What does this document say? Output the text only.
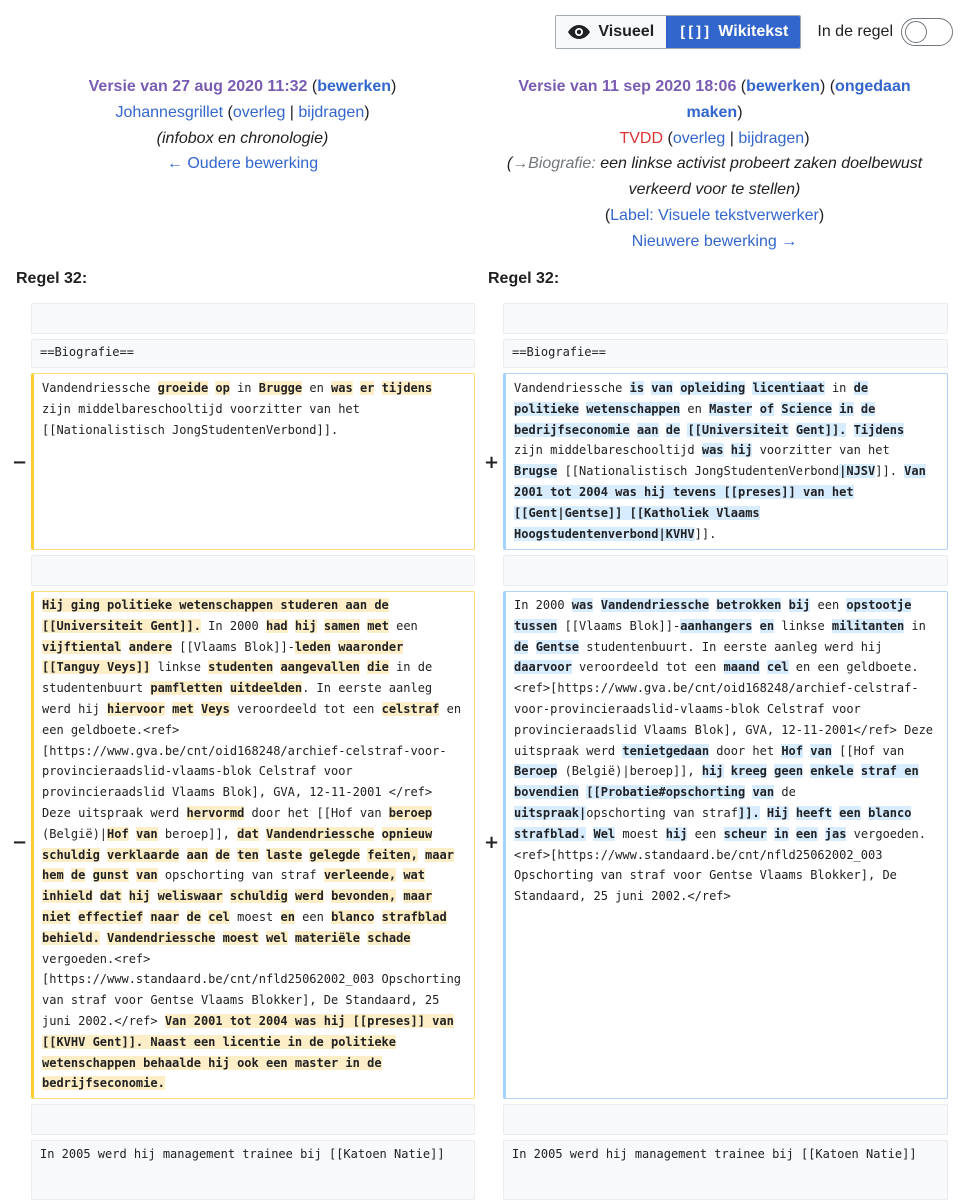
Visueel [[]] Wikitekst In de regel
Versie van 27 aug 2020 11:32 (bewerken)
Johannesgrillet (overleg | bijdragen)
(infobox en chronologie)
← Oudere bewerking
Versie van 11 sep 2020 18:06 (bewerken) (ongedaan maken)
TVDD (overleg | bijdragen)
(→Biografie: een linkse activist probeert zaken doelbewust verkeerd voor te stellen)
(Label: Visuele tekstverwerker)
Nieuwere bewerking →
Regel 32:	Regel 32:
==Biografie==	==Biografie==
−
Vandendriessche groeide op in Brugge en was er tijdens zijn middelbareschooltijd voorzitter van het [[Nationalistisch JongStudentenVerbond]].
+
Vandendriessche is van opleiding licentiaat in de politieke wetenschappen en Master of Science in de bedrijfseconomie aan de [[Universiteit Gent]]. Tijdens zijn middelbareschooltijd was hij voorzitter van het Brugse [[Nationalistisch JongStudentenVerbond|NJSV]]. Van 2001 tot 2004 was hij tevens [[preses]] van het [[Gent|Gentse]] [[Katholiek Vlaams Hoogstudentenverbond|KVHV]].
−
Hij ging politieke wetenschappen studeren aan de [[Universiteit Gent]]. In 2000 had hij samen met een vijftiental andere [[Vlaams Blok]]-leden waaronder [[Tanguy Veys]] linkse studenten aangevallen die in de studentenbuurt pamfletten uitdeelden. In eerste aanleg werd hij hiervoor met Veys veroordeeld tot een celstraf en een geldboete.<ref> [https://www.gva.be/cnt/oid168248/archief-celstraf-voor-provincieraadslid-vlaams-blok Celstraf voor provincieraadslid Vlaams Blok], GVA, 12-11-2001 </ref> Deze uitspraak werd hervormd door het [[Hof van beroep (België)|Hof van beroep]], dat Vandendriessche opnieuw schuldig verklaarde aan de ten laste gelegde feiten, maar hem de gunst van opschorting van straf verleende, wat inhield dat hij weliswaar schuldig werd bevonden, maar niet effectief naar de cel moest en een blanco strafblad behield. Vandendriessche moest wel materiële schade vergoeden.<ref> [https://www.standaard.be/cnt/nfld25062002_003 Opschorting van straf voor Gentse Vlaams Blokker], De Standaard, 25 juni 2002.</ref> Van 2001 tot 2004 was hij [[preses]] van [[KVHV Gent]]. Naast een licentie in de politieke wetenschappen behaalde hij ook een master in de bedrijfseconomie.
+
In 2000 was Vandendriessche betrokken bij een opstootje tussen [[Vlaams Blok]]-aanhangers en linkse militanten in de Gentse studentenbuurt. In eerste aanleg werd hij daarvoor veroordeeld tot een maand cel en een geldboete. <ref>[https://www.gva.be/cnt/oid168248/archief-celstraf-voor-provincieraadslid-vlaams-blok Celstraf voor provincieraadslid Vlaams Blok], GVA, 12-11-2001</ref> Deze uitspraak werd tenietgedaan door het Hof van [[Hof van Beroep (België)|beroep]], hij kreeg geen enkele straf en bovendien [[Probatie#opschorting van de uitspraak|opschorting van straf]]. Hij heeft een blanco strafblad. Wel moest hij een scheur in een jas vergoeden. <ref>[https://www.standaard.be/cnt/nfld25062002_003 Opschorting van straf voor Gentse Vlaams Blokker], De Standaard, 25 juni 2002.</ref>
In 2005 werd hij management trainee bij [[Katoen Natie]]	In 2005 werd hij management trainee bij [[Katoen Natie]]
